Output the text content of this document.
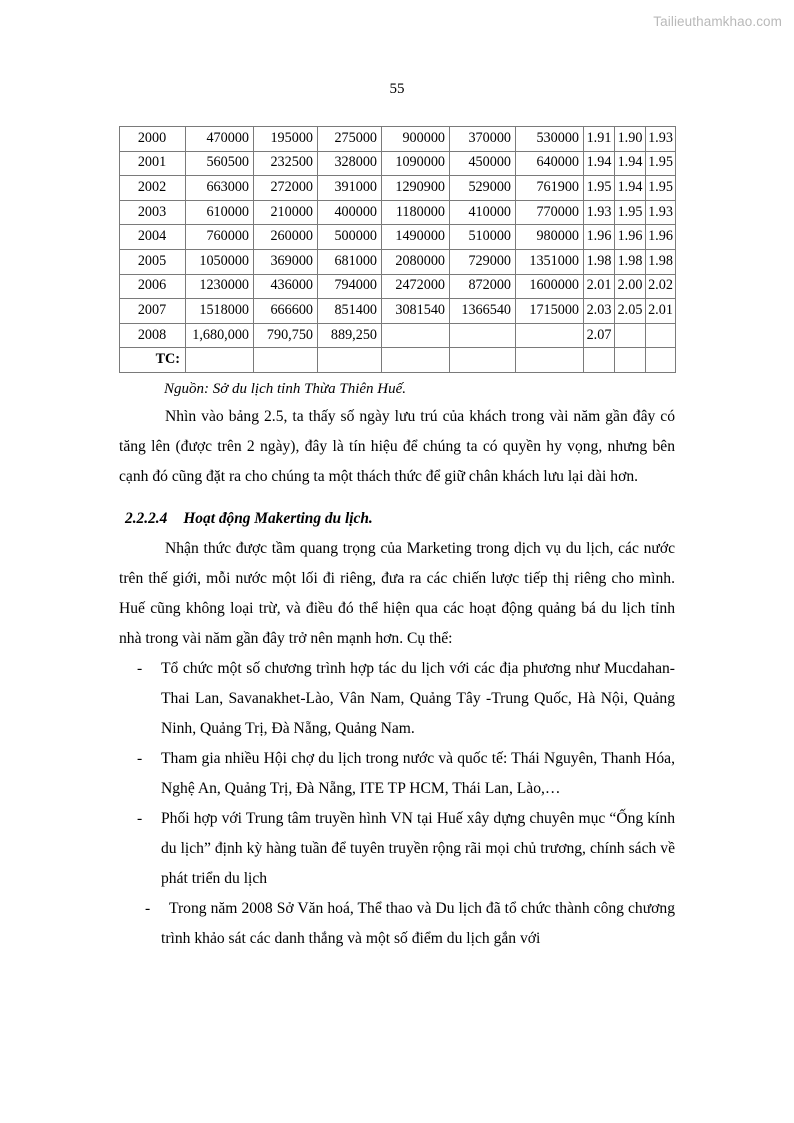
Tailieuthamkhao.com
55
2000	470000	195000	275000	900000	370000	530000	1.91	1.90	1.93
2001	560500	232500	328000	1090000	450000	640000	1.94	1.94	1.95
2002	663000	272000	391000	1290900	529000	761900	1.95	1.94	1.95
2003	610000	210000	400000	1180000	410000	770000	1.93	1.95	1.93
2004	760000	260000	500000	1490000	510000	980000	1.96	1.96	1.96
2005	1050000	369000	681000	2080000	729000	1351000	1.98	1.98	1.98
2006	1230000	436000	794000	2472000	872000	1600000	2.01	2.00	2.02
2007	1518000	666600	851400	3081540	1366540	1715000	2.03	2.05	2.01
2008	1,680,000	790,750	889,250				2.07		
TC:									
Nguồn: Sở du lịch tỉnh Thừa Thiên Huế.

Nhìn vào bảng 2.5, ta thấy số ngày lưu trú của khách trong vài năm gần đây có tăng lên (được trên 2 ngày), đây là tín hiệu để chúng ta có quyền hy vọng, nhưng bên cạnh đó cũng đặt ra cho chúng ta một thách thức để giữ chân khách lưu lại dài hơn.

2.2.2.4 Hoạt động Makerting du lịch.

Nhận thức được tầm quang trọng của Marketing trong dịch vụ du lịch, các nước trên thế giới, mỗi nước một lối đi riêng, đưa ra các chiến lược tiếp thị riêng cho mình. Huế cũng không loại trừ, và điều đó thể hiện qua các hoạt động quảng bá du lịch tỉnh nhà trong vài năm gần đây trở nên mạnh hơn. Cụ thể:

- Tổ chức một số chương trình hợp tác du lịch với các địa phương như Mucdahan-Thai Lan, Savanakhet-Lào, Vân Nam, Quảng Tây -Trung Quốc, Hà Nội, Quảng Ninh, Quảng Trị, Đà Nẵng, Quảng Nam.
- Tham gia nhiều Hội chợ du lịch trong nước và quốc tế: Thái Nguyên, Thanh Hóa, Nghệ An, Quảng Trị, Đà Nẵng, ITE TP HCM, Thái Lan, Lào,…
- Phối hợp với Trung tâm truyền hình VN tại Huế xây dựng chuyên mục “Ống kính du lịch” định kỳ hàng tuần để tuyên truyền rộng rãi mọi chủ trương, chính sách về phát triển du lịch
- Trong năm 2008 Sở Văn hoá, Thể thao và Du lịch đã tổ chức thành công chương trình khảo sát các danh thắng và một số điểm du lịch gắn với
